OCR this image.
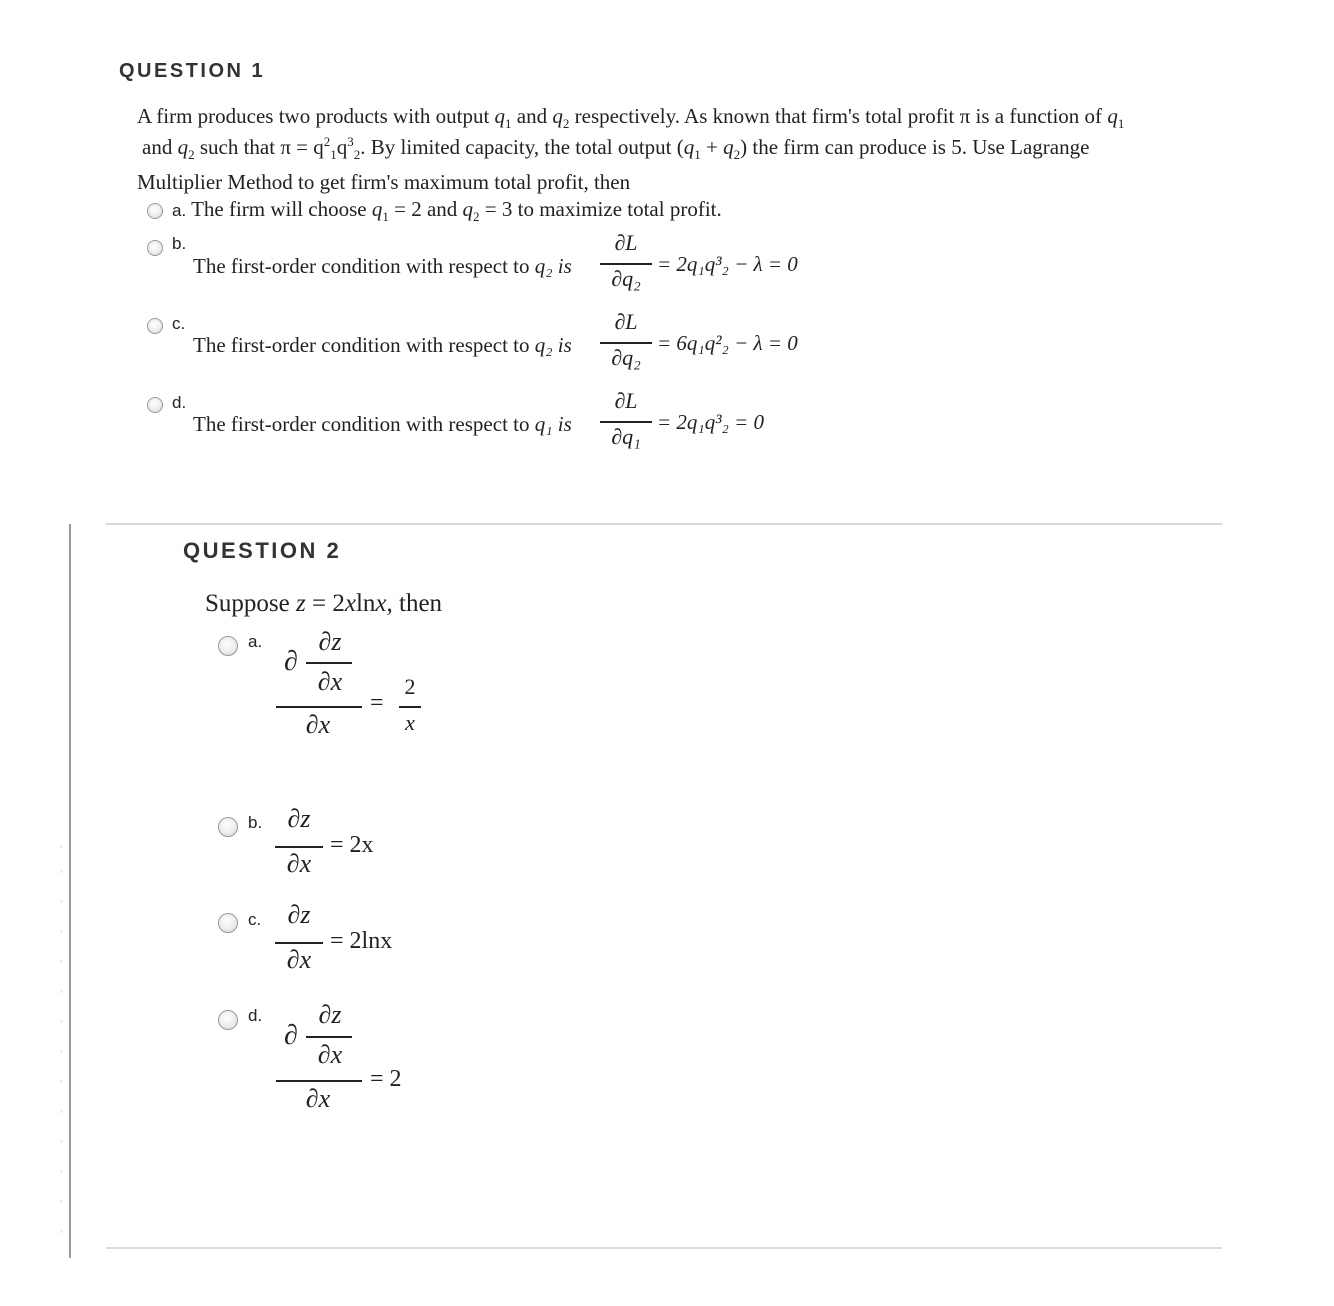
QUESTION 1
A firm produces two products with output $q_1$ and $q_2$ respectively. As known that firm's total profit π is a function of $q_1$
and $q_2$ such that $\pi = q^2_1q^3_2$. By limited capacity, the total output $(q_1 + q_2)$ the firm can produce is 5. Use Lagrange
Multiplier Method to get firm's maximum total profit, then
a. The firm will choose $q_1 = 2$ and $q_2 = 3$ to maximize total profit.
b.
The first-order condition with respect to q₂ is
∂L
∂q₂
= 2q₁q³₂ − λ = 0
c.
The first-order condition with respect to q₂ is
∂L
∂q₂
= 6q₁q²₂ − λ = 0
d.
The first-order condition with respect to q₁ is
∂L
∂q₁
= 2q₁q³₂ = 0
QUESTION 2
Suppose z = 2xlnx, then
a.
∂
∂z
∂x
∂x
=
2
x
b. ∂z
∂x
= 2x
c.	∂z
∂x
= 2lnx
d.
∂
∂z
∂x
∂x
= 2
